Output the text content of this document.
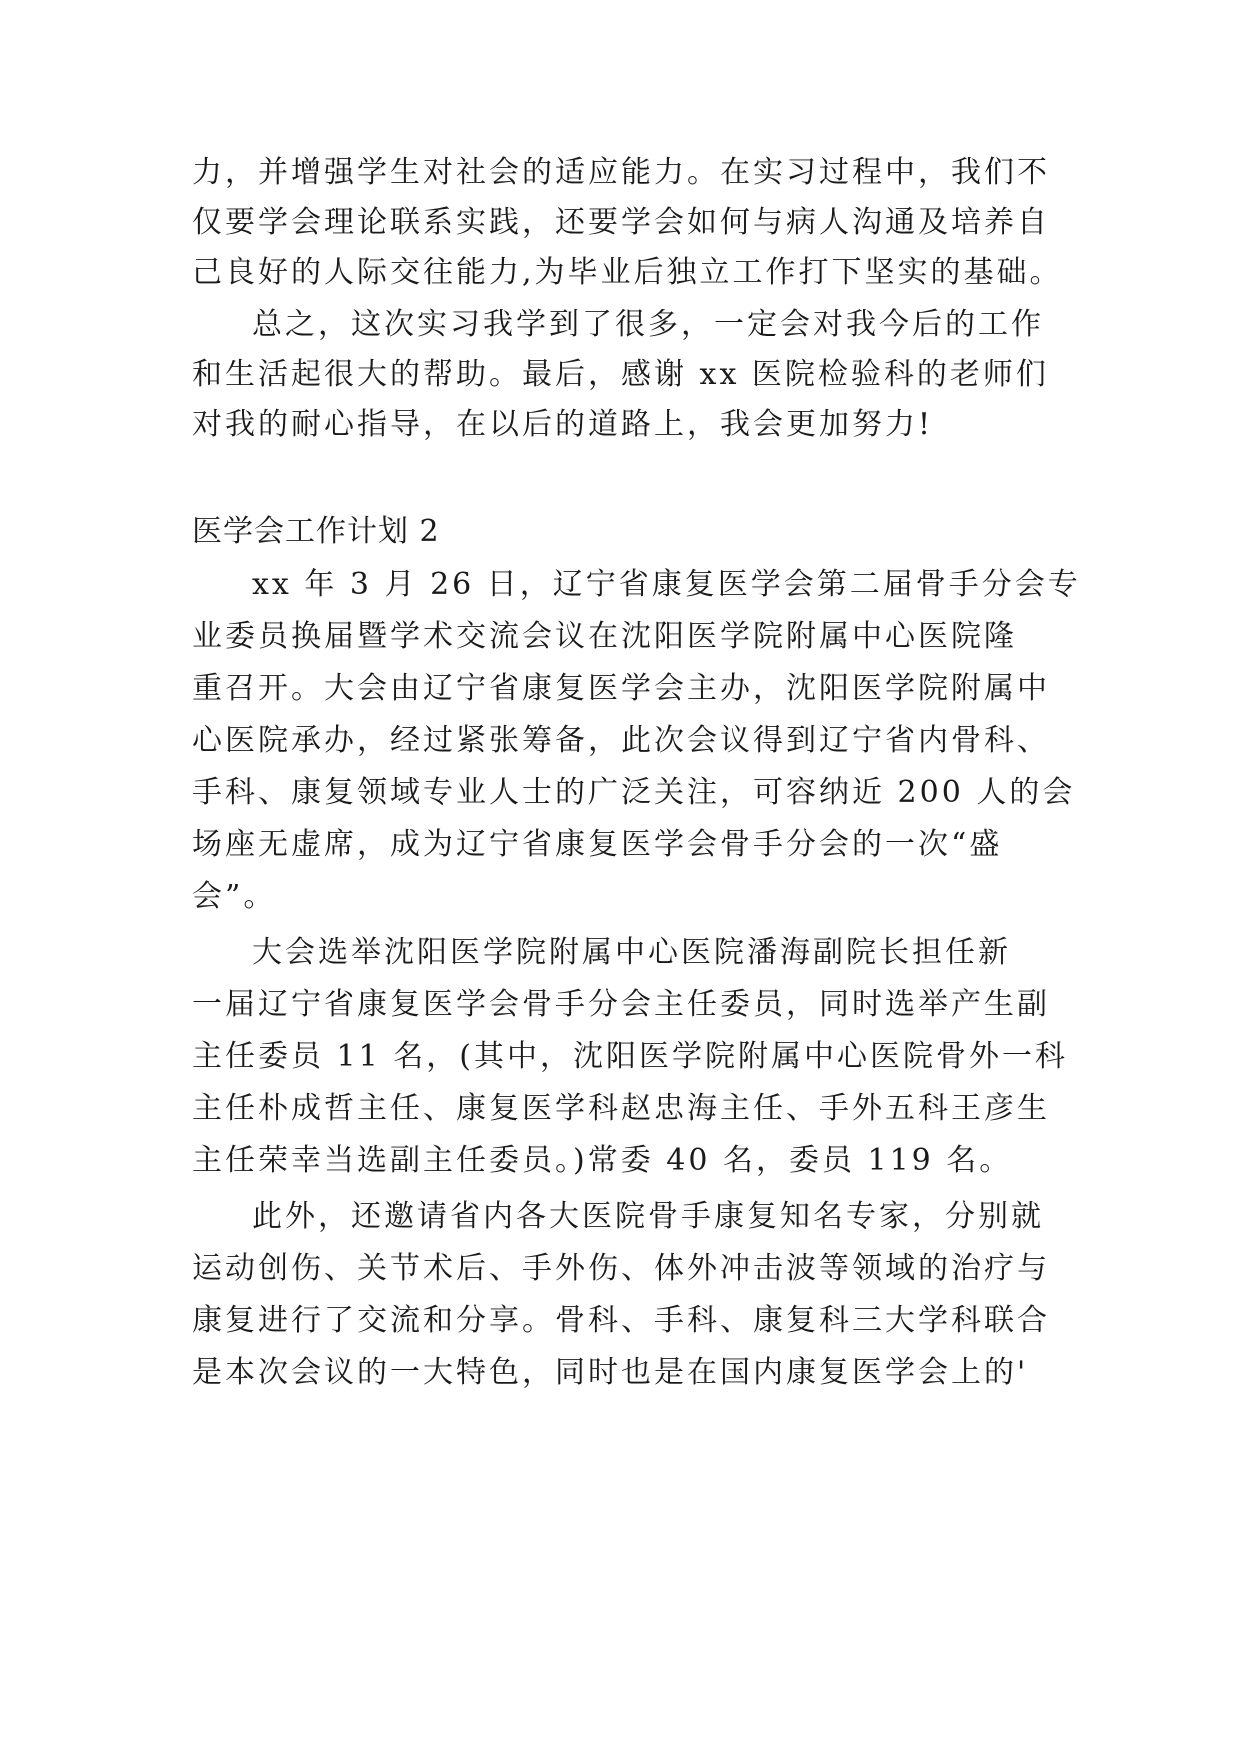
力，并增强学生对社会的适应能力。在实习过程中，我们不
仅要学会理论联系实践，还要学会如何与病人沟通及培养自
己良好的人际交往能力,为毕业后独立工作打下坚实的基础。
总之，这次实习我学到了很多，一定会对我今后的工作
和生活起很大的帮助。最后，感谢 xx 医院检验科的老师们
对我的耐心指导，在以后的道路上，我会更加努力!
医学会工作计划 2
xx 年 3 月 26 日，辽宁省康复医学会第二届骨手分会专
业委员换届暨学术交流会议在沈阳医学院附属中心医院隆
重召开。大会由辽宁省康复医学会主办，沈阳医学院附属中
心医院承办，经过紧张筹备，此次会议得到辽宁省内骨科、
手科、康复领域专业人士的广泛关注，可容纳近 200 人的会
场座无虚席，成为辽宁省康复医学会骨手分会的一次“盛
会”。
大会选举沈阳医学院附属中心医院潘海副院长担任新
一届辽宁省康复医学会骨手分会主任委员，同时选举产生副
主任委员 11 名，(其中，沈阳医学院附属中心医院骨外一科
主任朴成哲主任、康复医学科赵忠海主任、手外五科王彦生
主任荣幸当选副主任委员。)常委 40 名，委员 119 名。
此外，还邀请省内各大医院骨手康复知名专家，分别就
运动创伤、关节术后、手外伤、体外冲击波等领域的治疗与
康复进行了交流和分享。骨科、手科、康复科三大学科联合
是本次会议的一大特色，同时也是在国内康复医学会上的'
